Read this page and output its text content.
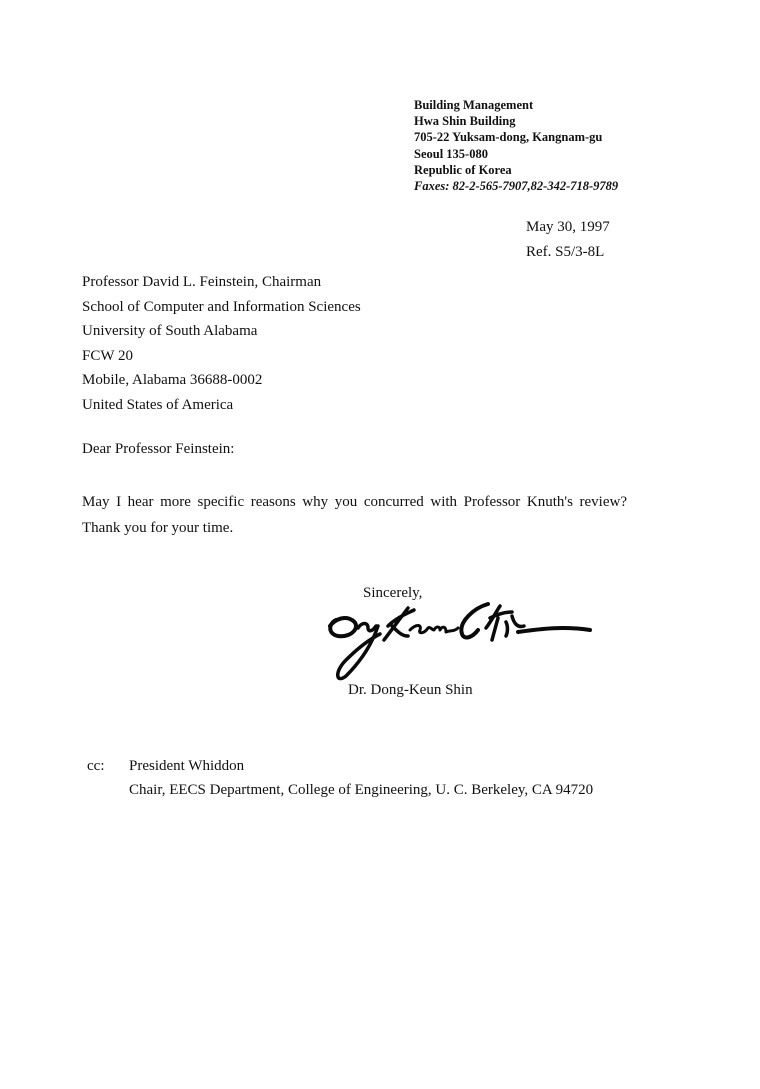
Building Management
Hwa Shin Building
705-22 Yuksam-dong, Kangnam-gu
Seoul 135-080
Republic of Korea
Faxes: 82-2-565-7907,82-342-718-9789
May 30, 1997
Ref. S5/3-8L
Professor David L. Feinstein, Chairman
School of Computer and Information Sciences
University of South Alabama
FCW 20
Mobile, Alabama 36688-0002
United States of America
Dear Professor Feinstein:

May I hear more specific reasons why you concurred with Professor Knuth's review?

Thank you for your time.

Sincerely,
Dr. Dong-Keun Shin
cc: President Whiddon
Chair, EECS Department, College of Engineering, U. C. Berkeley, CA 94720
